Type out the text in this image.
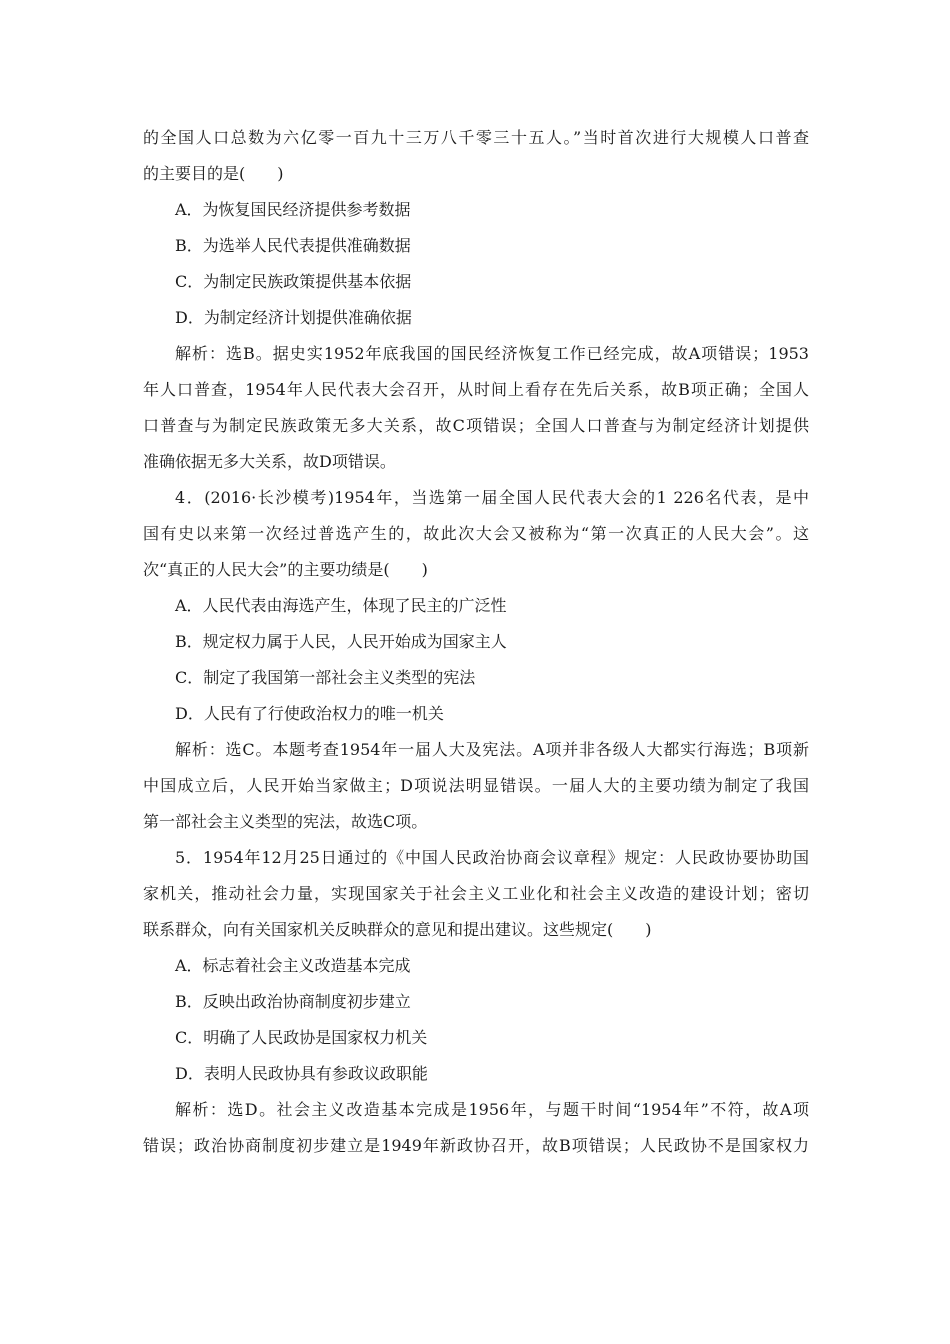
的全国人口总数为六亿零一百九十三万八千零三十五人。”当时首次进行大规模人口普查
的主要目的是(　　)
A．为恢复国民经济提供参考数据
B．为选举人民代表提供准确数据
C．为制定民族政策提供基本依据
D．为制定经济计划提供准确依据
解析：选B。据史实1952年底我国的国民经济恢复工作已经完成，故A项错误；1953
年人口普查，1954年人民代表大会召开，从时间上看存在先后关系，故B项正确；全国人
口普查与为制定民族政策无多大关系，故C项错误；全国人口普查与为制定经济计划提供
准确依据无多大关系，故D项错误。
4．(2016·长沙模考)1954年，当选第一届全国人民代表大会的1 226名代表，是中
国有史以来第一次经过普选产生的，故此次大会又被称为“第一次真正的人民大会”。这
次“真正的人民大会”的主要功绩是(　　)
A．人民代表由海选产生，体现了民主的广泛性
B．规定权力属于人民，人民开始成为国家主人
C．制定了我国第一部社会主义类型的宪法
D．人民有了行使政治权力的唯一机关
解析：选C。本题考查1954年一届人大及宪法。A项并非各级人大都实行海选；B项新
中国成立后，人民开始当家做主；D项说法明显错误。一届人大的主要功绩为制定了我国
第一部社会主义类型的宪法，故选C项。
5．1954年12月25日通过的《中国人民政治协商会议章程》规定：人民政协要协助国
家机关，推动社会力量，实现国家关于社会主义工业化和社会主义改造的建设计划；密切
联系群众，向有关国家机关反映群众的意见和提出建议。这些规定(　　)
A．标志着社会主义改造基本完成
B．反映出政治协商制度初步建立
C．明确了人民政协是国家权力机关
D．表明人民政协具有参政议政职能
解析：选D。社会主义改造基本完成是1956年，与题干时间“1954年”不符，故A项
错误；政治协商制度初步建立是1949年新政协召开，故B项错误；人民政协不是国家权力
